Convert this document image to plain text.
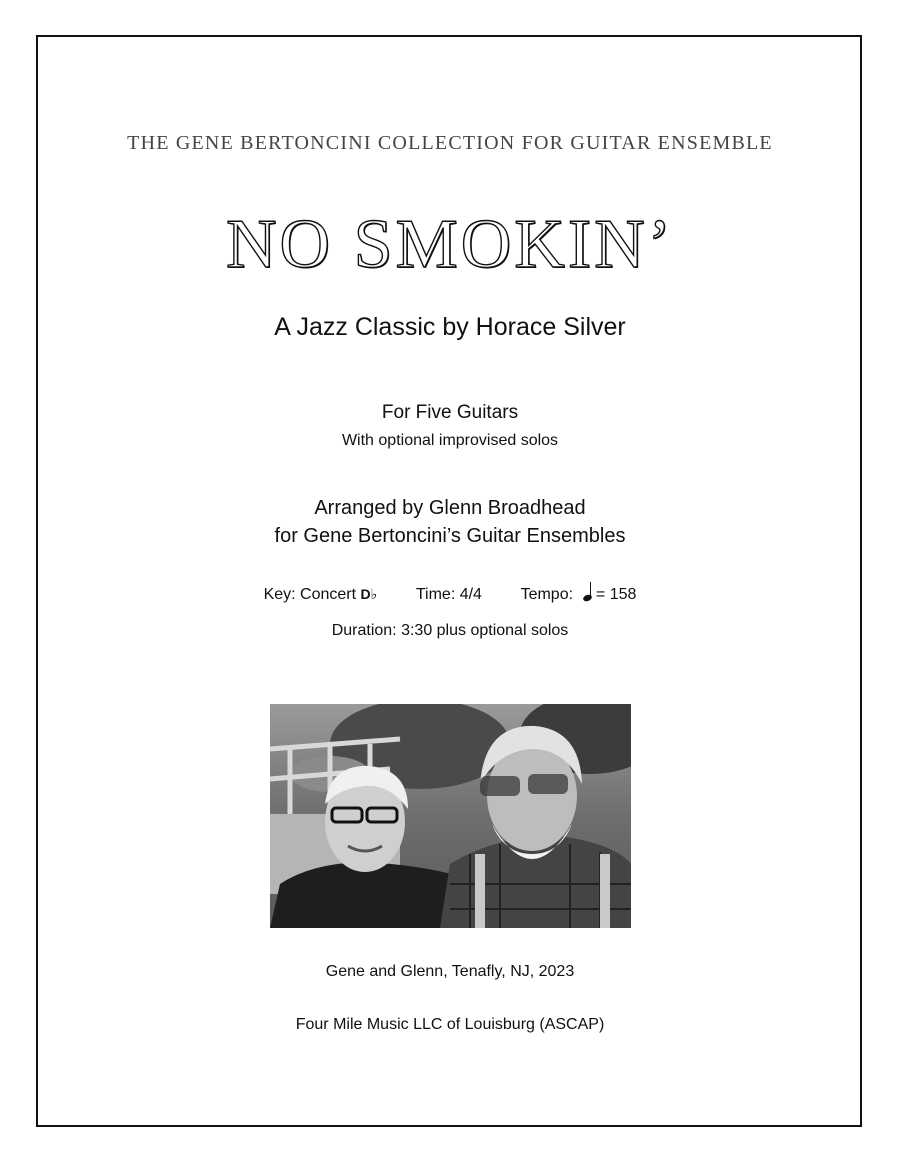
THE GENE BERTONCINI COLLECTION FOR GUITAR ENSEMBLE
NO SMOKIN’
A Jazz Classic by Horace Silver
For Five Guitars
With optional improvised solos
Arranged by Glenn Broadhead
for Gene Bertoncini’s Guitar Ensembles
Key: Concert D♭ Time: 4/4 Tempo: = 158
Duration: 3:30 plus optional solos
Gene and Glenn, Tenafly, NJ, 2023
Four Mile Music LLC of Louisburg (ASCAP)
